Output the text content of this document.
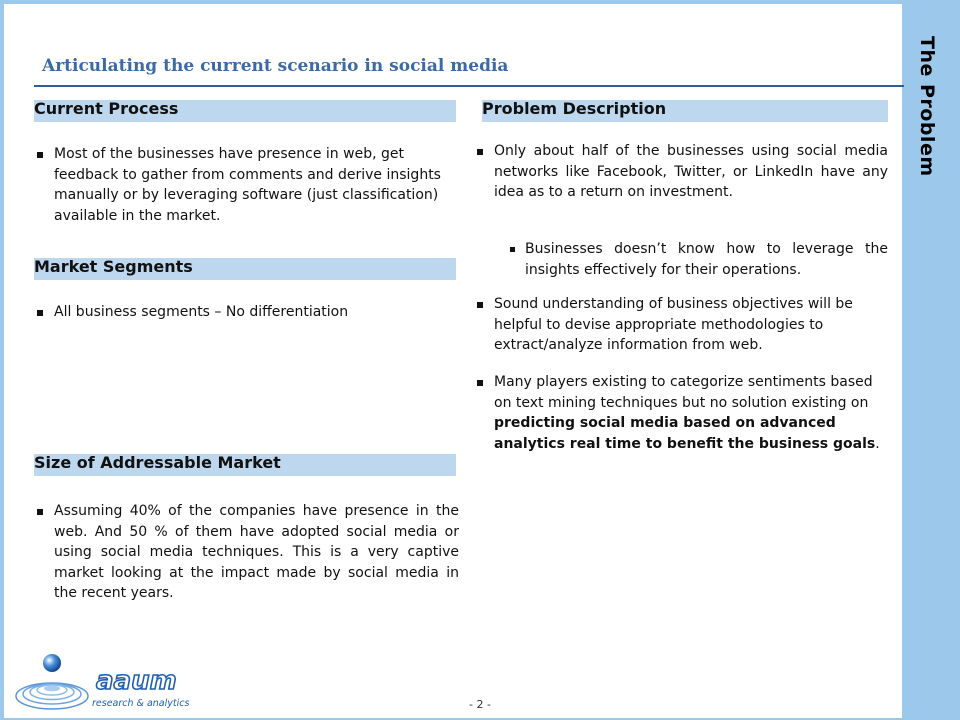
The Problem
Articulating the current scenario in social media
Current Process
Most of the businesses have presence in web, get feedback to gather from comments and derive insights manually or by leveraging software (just classification) available in the market.
Market Segments
All business segments – No differentiation
Size of Addressable Market
Assuming 40% of the companies have presence in the web. And 50 % of them have adopted social media or using social media techniques. This is a very captive market looking at the impact made by social media in the recent years.
Problem Description
Only about half of the businesses using social media networks like Facebook, Twitter, or LinkedIn have any idea as to a return on investment.
Businesses doesn’t know how to leverage the insights effectively for their operations.
Sound understanding of business objectives will be helpful to devise appropriate methodologies to extract/analyze information from web.
Many players existing to categorize sentiments based on text mining techniques but no solution existing on predicting social media based on advanced analytics real time to benefit the business goals.
aaum
research & analytics	- 2 -
